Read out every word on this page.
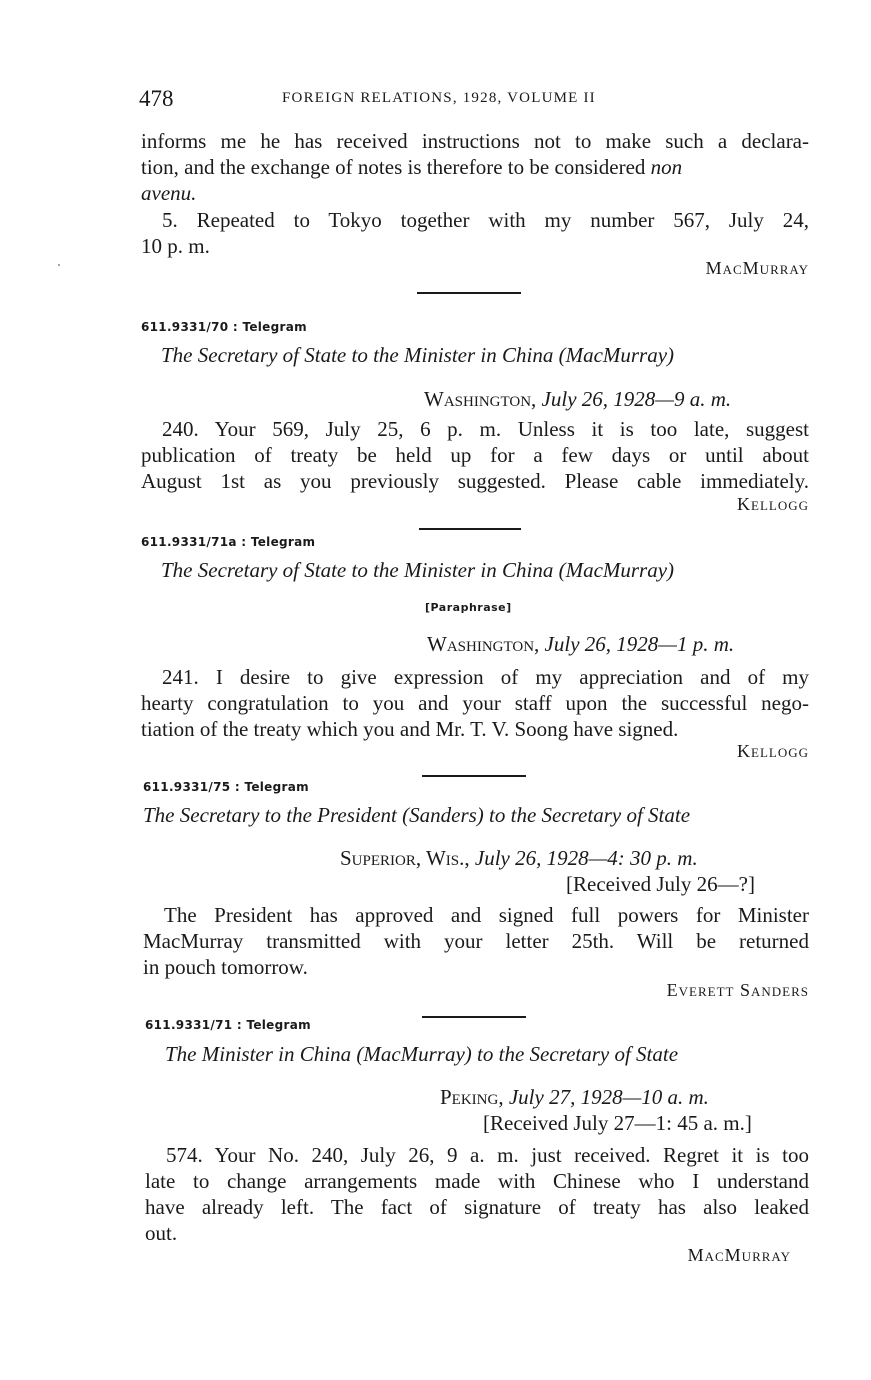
478	FOREIGN RELATIONS, 1928, VOLUME II
informs me he has received instructions not to make such a declara-
tion, and the exchange of notes is therefore to be considered non
avenu.
5. Repeated to Tokyo together with my number 567, July 24,
10 p. m.
MacMurray
611.9331/70 : Telegram
The Secretary of State to the Minister in China (MacMurray)
Washington, July 26, 1928—9 a. m.
240. Your 569, July 25, 6 p. m. Unless it is too late, suggest
publication of treaty be held up for a few days or until about
August 1st as you previously suggested. Please cable immediately.
Kellogg
611.9331/71a : Telegram
The Secretary of State to the Minister in China (MacMurray)
[Paraphrase]
Washington, July 26, 1928—1 p. m.
241. I desire to give expression of my appreciation and of my
hearty congratulation to you and your staff upon the successful nego-
tiation of the treaty which you and Mr. T. V. Soong have signed.
Kellogg
611.9331/75 : Telegram
The Secretary to the President (Sanders) to the Secretary of State
Superior, Wis., July 26, 1928—4: 30 p. m.
[Received July 26—?]
The President has approved and signed full powers for Minister
MacMurray transmitted with your letter 25th. Will be returned
in pouch tomorrow.
Everett Sanders
611.9331/71 : Telegram
The Minister in China (MacMurray) to the Secretary of State
Peking, July 27, 1928—10 a. m.
[Received July 27—1: 45 a. m.]
574. Your No. 240, July 26, 9 a. m. just received. Regret it is too
late to change arrangements made with Chinese who I understand
have already left. The fact of signature of treaty has also leaked
out.
MacMurray
